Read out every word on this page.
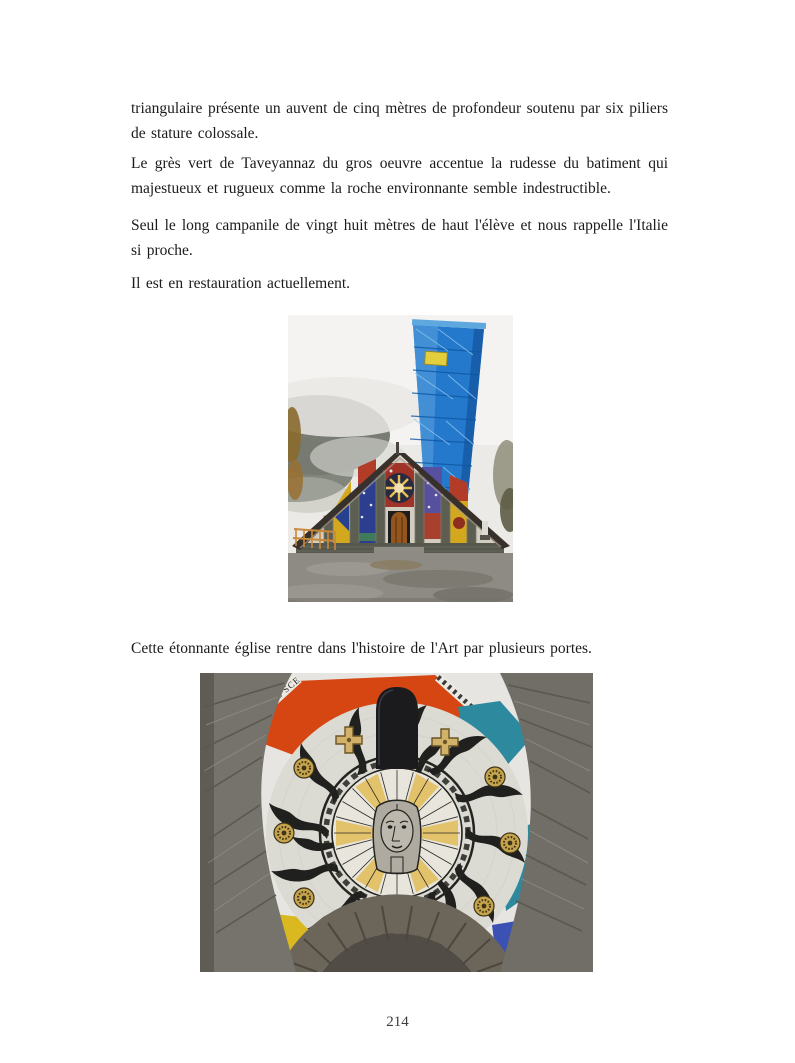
triangulaire présente un auvent de cinq mètres de profondeur soutenu par six piliers de stature colossale.

Le grès vert de Taveyannaz du gros oeuvre accentue la rudesse du batiment qui majestueux et rugueux comme la roche environnante semble indestructible.

Seul le long campanile de vingt huit mètres de haut l'élève et nous rappelle l'Italie si proche.

Il est en restauration actuellement.

Cette étonnante église rentre dans l'histoire de l'Art par plusieurs portes.

SCE
214
